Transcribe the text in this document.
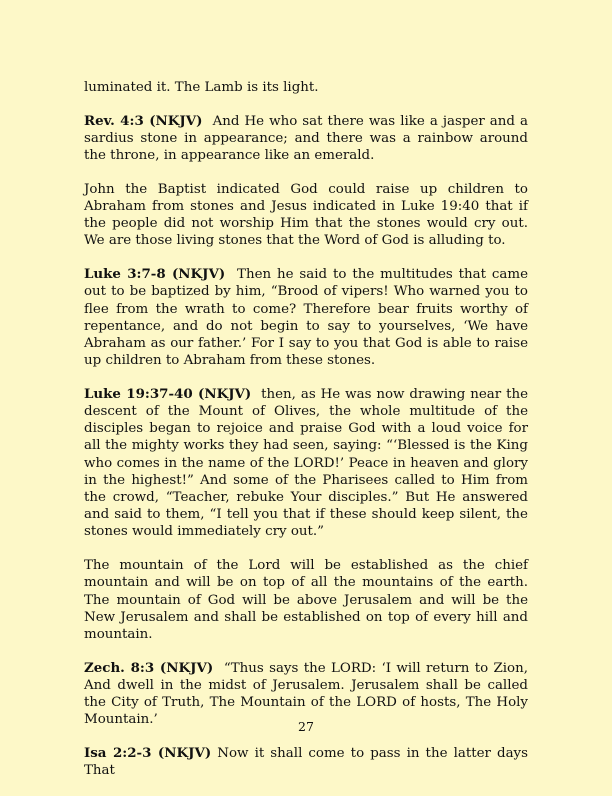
luminated it. The Lamb is its light.

Rev. 4:3 (NKJV) And He who sat there was like a jasper and a sardius stone in appearance; and there was a rainbow around the throne, in appearance like an emerald.

John the Baptist indicated God could raise up children to Abraham from stones and Jesus indicated in Luke 19:40 that if the people did not worship Him that the stones would cry out. We are those living stones that the Word of God is alluding to.

Luke 3:7-8 (NKJV) Then he said to the multitudes that came out to be baptized by him, “Brood of vipers! Who warned you to flee from the wrath to come? Therefore bear fruits worthy of repentance, and do not begin to say to yourselves, ‘We have Abraham as our father.’ For I say to you that God is able to raise up children to Abraham from these stones.

Luke 19:37-40 (NKJV) then, as He was now drawing near the descent of the Mount of Olives, the whole multitude of the disciples began to rejoice and praise God with a loud voice for all the mighty works they had seen, saying: “‘Blessed is the King who comes in the name of the LORD!’ Peace in heaven and glory in the highest!” And some of the Pharisees called to Him from the crowd, “Teacher, rebuke Your disciples.” But He answered and said to them, “I tell you that if these should keep silent, the stones would immediately cry out.”

The mountain of the Lord will be established as the chief mountain and will be on top of all the mountains of the earth. The mountain of God will be above Jerusalem and will be the New Jerusalem and shall be established on top of every hill and mountain.

Zech. 8:3 (NKJV) “Thus says the LORD: ‘I will return to Zion, And dwell in the midst of Jerusalem. Jerusalem shall be called the City of Truth, The Mountain of the LORD of hosts, The Holy Mountain.’

Isa 2:2-3 (NKJV) Now it shall come to pass in the latter days That

27
